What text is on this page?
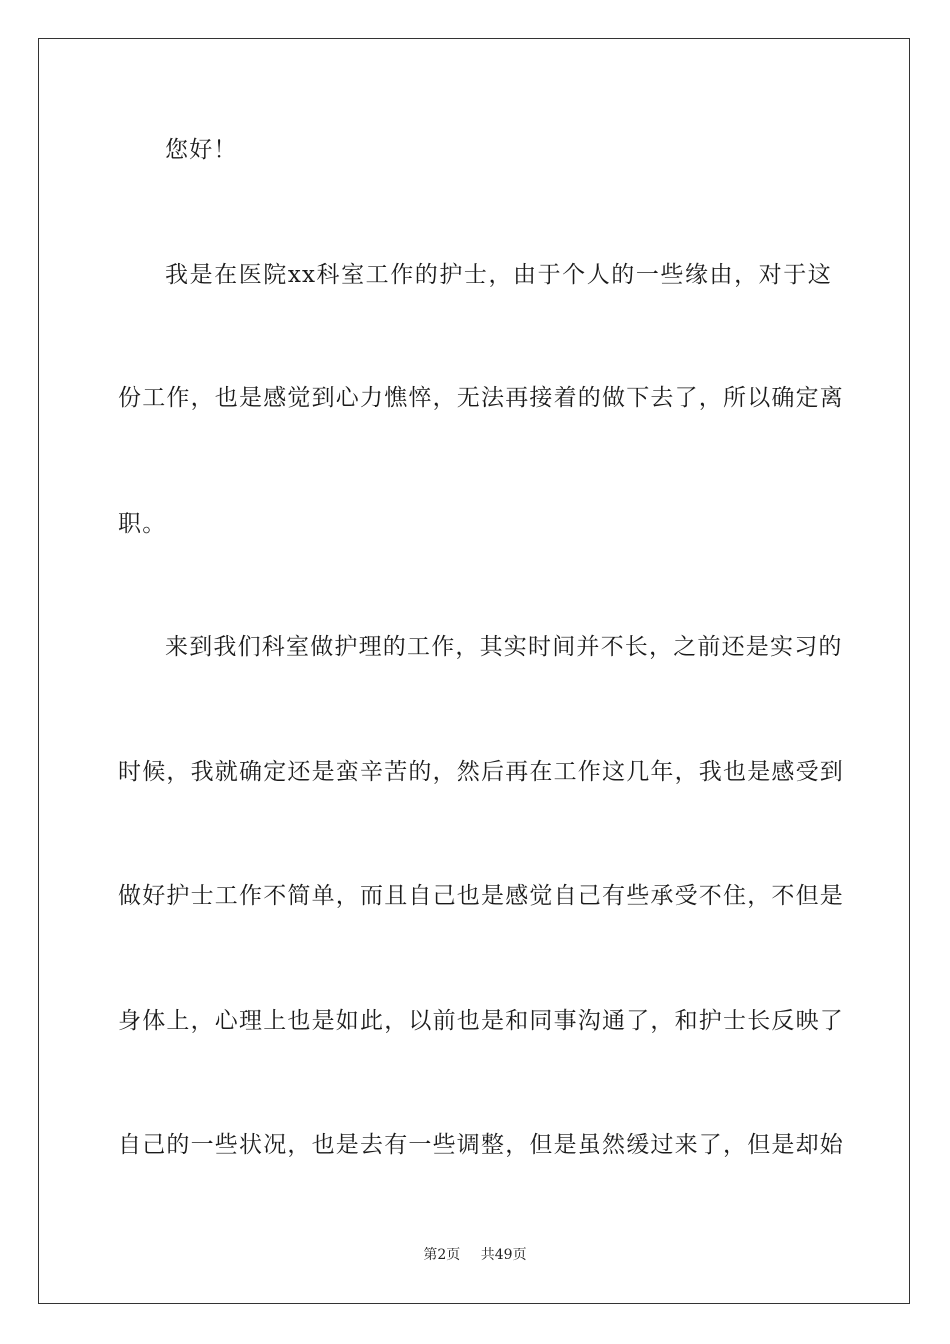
您好！
我是在医院xx科室工作的护士，由于个人的一些缘由，对于这
份工作，也是感觉到心力憔悴，无法再接着的做下去了，所以确定离
职。
来到我们科室做护理的工作，其实时间并不长，之前还是实习的
时候，我就确定还是蛮辛苦的，然后再在工作这几年，我也是感受到
做好护士工作不简单，而且自己也是感觉自己有些承受不住，不但是
身体上，心理上也是如此，以前也是和同事沟通了，和护士长反映了
自己的一些状况，也是去有一些调整，但是虽然缓过来了，但是却始
第2页 共49页
